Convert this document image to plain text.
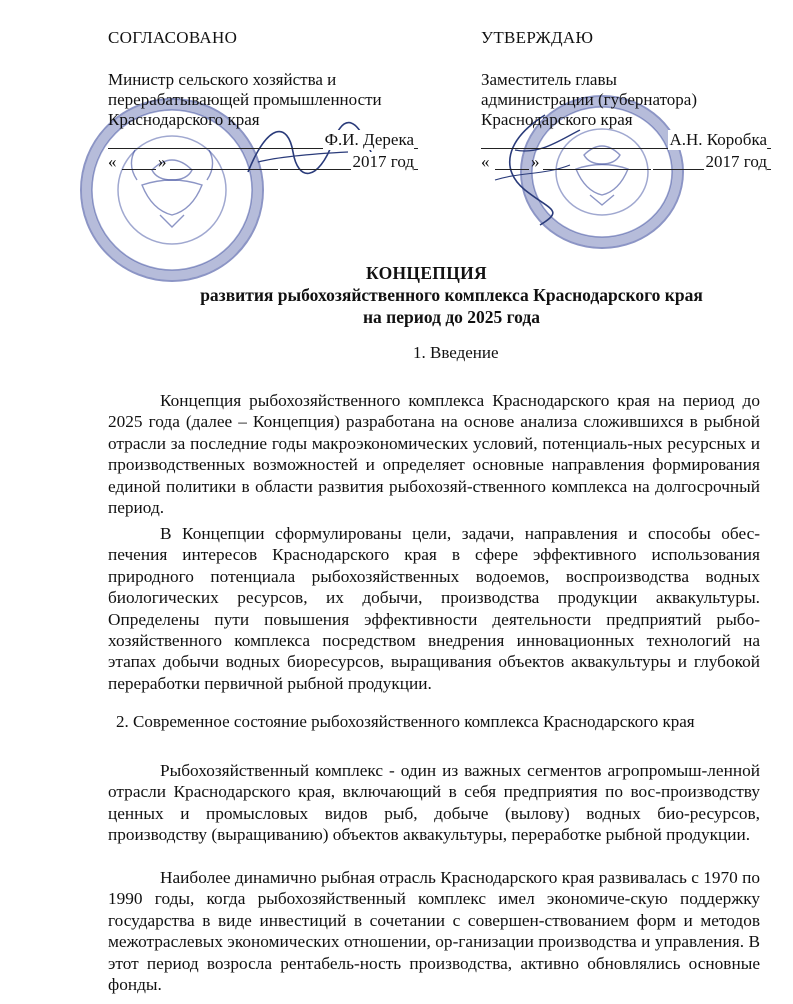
СОГЛАСОВАНО
Министр сельского хозяйства и
перерабатывающей промышленности
Краснодарского края
Ф.И. Дерека
« »	2017 год
УТВЕРЖДАЮ
Заместитель главы
администрации (губернатора)
Краснодарского края
А.Н. Коробка
« »	2017 год
КОНЦЕПЦИЯ
развития рыбохозяйственного комплекса Краснодарского края
на период до 2025 года
1. Введение
Концепция рыбохозяйственного комплекса Краснодарского края на период до 2025 года (далее – Концепция) разработана на основе анализа сложившихся в рыбной отрасли за последние годы макроэкономических условий, потенциаль-ных ресурсных и производственных возможностей и определяет основные направления формирования единой политики в области развития рыбохозяй-ственного комплекса на долгосрочный период.
В Концепции сформулированы цели, задачи, направления и способы обес-печения интересов Краснодарского края в сфере эффективного использования природного потенциала рыбохозяйственных водоемов, воспроизводства водных биологических ресурсов, их добычи, производства продукции аквакультуры. Определены пути повышения эффективности деятельности предприятий рыбо-хозяйственного комплекса посредством внедрения инновационных технологий на этапах добычи водных биоресурсов, выращивания объектов аквакультуры и глубокой переработки первичной рыбной продукции.
2. Современное состояние рыбохозяйственного комплекса Краснодарского края
Рыбохозяйственный комплекс - один из важных сегментов агропромыш-ленной отрасли Краснодарского края, включающий в себя предприятия по вос-производству ценных и промысловых видов рыб, добыче (вылову) водных био-ресурсов, производству (выращиванию) объектов аквакультуры, переработке рыбной продукции.
Наиболее динамично рыбная отрасль Краснодарского края развивалась с 1970 по 1990 годы, когда рыбохозяйственный комплекс имел экономиче-скую поддержку государства в виде инвестиций в сочетании с совершен-ствованием форм и методов межотраслевых экономических отношении, ор-ганизации производства и управления. В этот период возросла рентабель-ность производства, активно обновлялись основные фонды.
